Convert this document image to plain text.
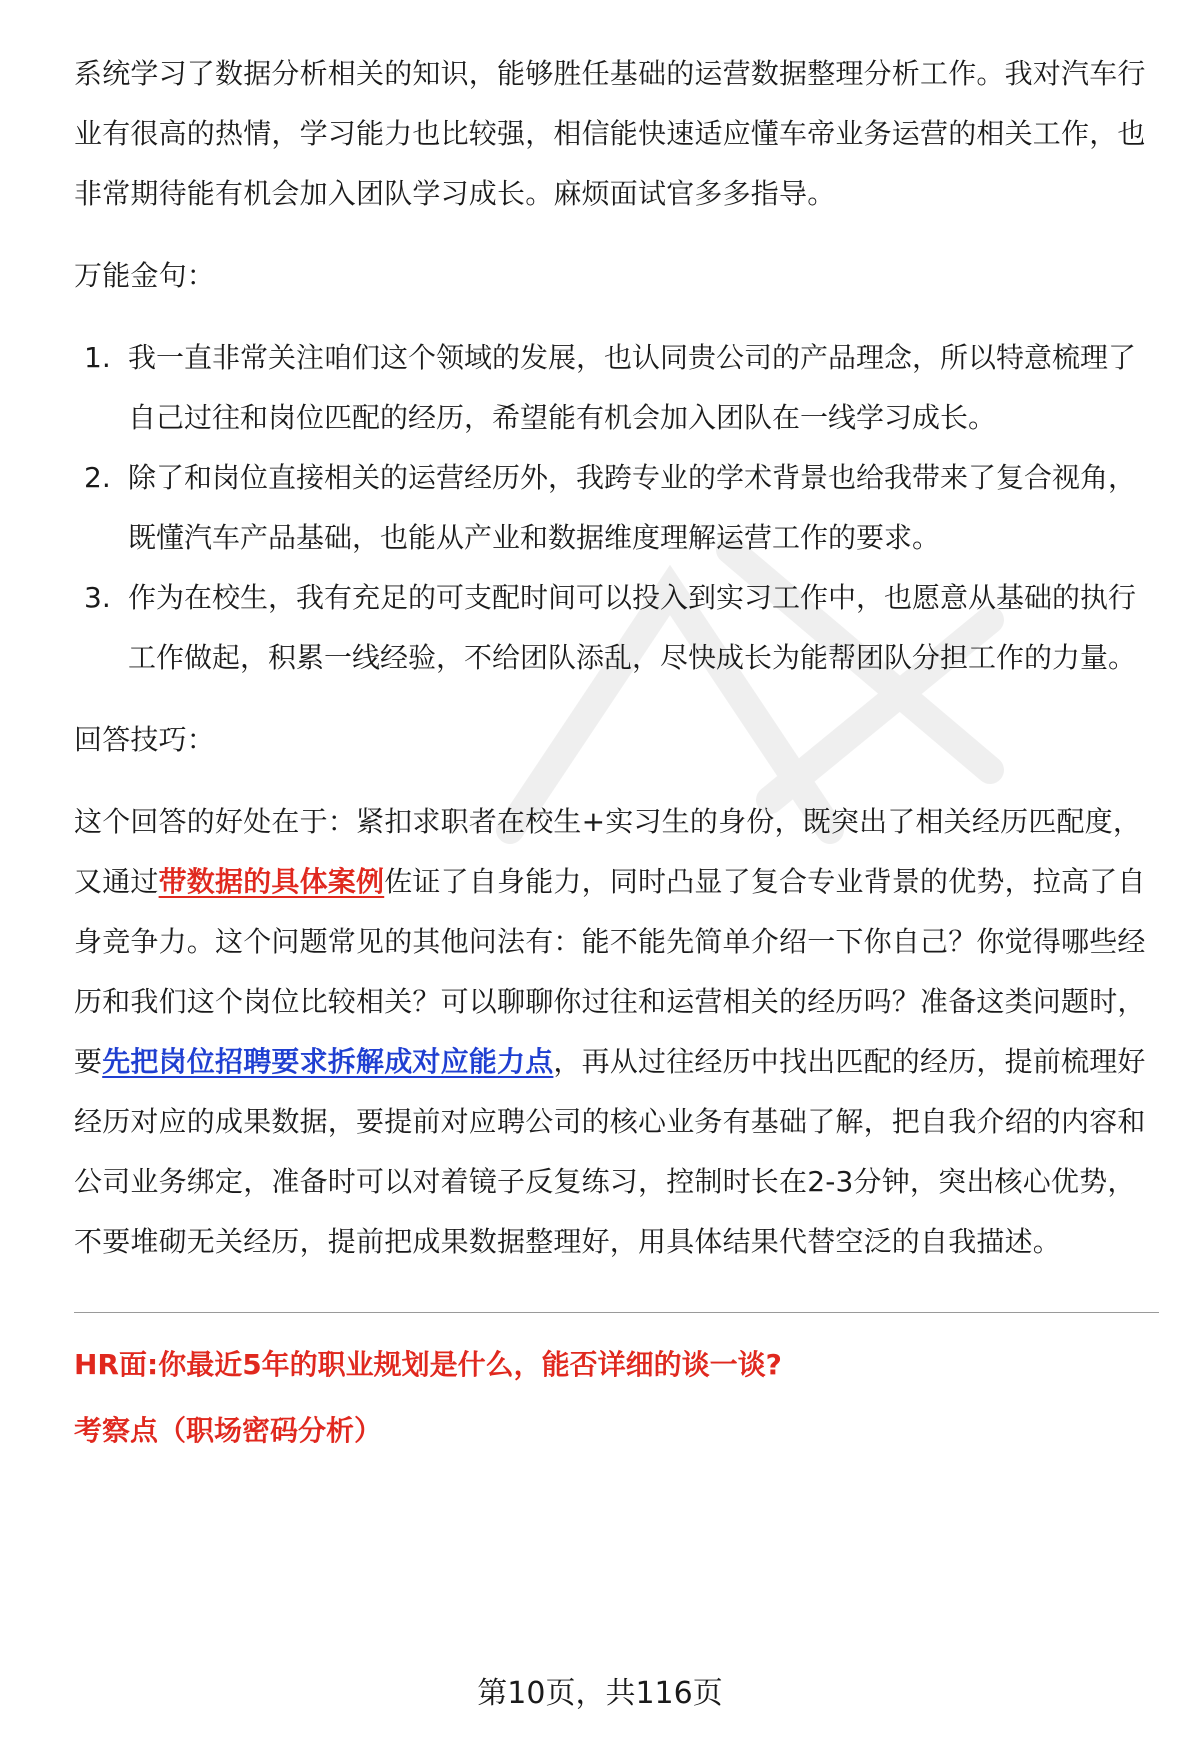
系统学习了数据分析相关的知识，能够胜任基础的运营数据整理分析工作。我对汽车行业有很高的热情，学习能力也比较强，相信能快速适应懂车帝业务运营的相关工作，也非常期待能有机会加入团队学习成长。麻烦面试官多多指导。

万能金句：

1. 我一直非常关注咱们这个领域的发展，也认同贵公司的产品理念，所以特意梳理了自己过往和岗位匹配的经历，希望能有机会加入团队在一线学习成长。
2. 除了和岗位直接相关的运营经历外，我跨专业的学术背景也给我带来了复合视角，既懂汽车产品基础，也能从产业和数据维度理解运营工作的要求。
3. 作为在校生，我有充足的可支配时间可以投入到实习工作中，也愿意从基础的执行工作做起，积累一线经验，不给团队添乱，尽快成长为能帮团队分担工作的力量。

回答技巧：

这个回答的好处在于：紧扣求职者在校生+实习生的身份，既突出了相关经历匹配度，又通过带数据的具体案例佐证了自身能力，同时凸显了复合专业背景的优势，拉高了自身竞争力。这个问题常见的其他问法有：能不能先简单介绍一下你自己？你觉得哪些经历和我们这个岗位比较相关？可以聊聊你过往和运营相关的经历吗？准备这类问题时，要先把岗位招聘要求拆解成对应能力点，再从过往经历中找出匹配的经历，提前梳理好经历对应的成果数据，要提前对应聘公司的核心业务有基础了解，把自我介绍的内容和公司业务绑定，准备时可以对着镜子反复练习，控制时长在2-3分钟，突出核心优势，不要堆砌无关经历，提前把成果数据整理好，用具体结果代替空泛的自我描述。

HR面:你最近5年的职业规划是什么，能否详细的谈一谈?

考察点（职场密码分析）

第10页，共116页
